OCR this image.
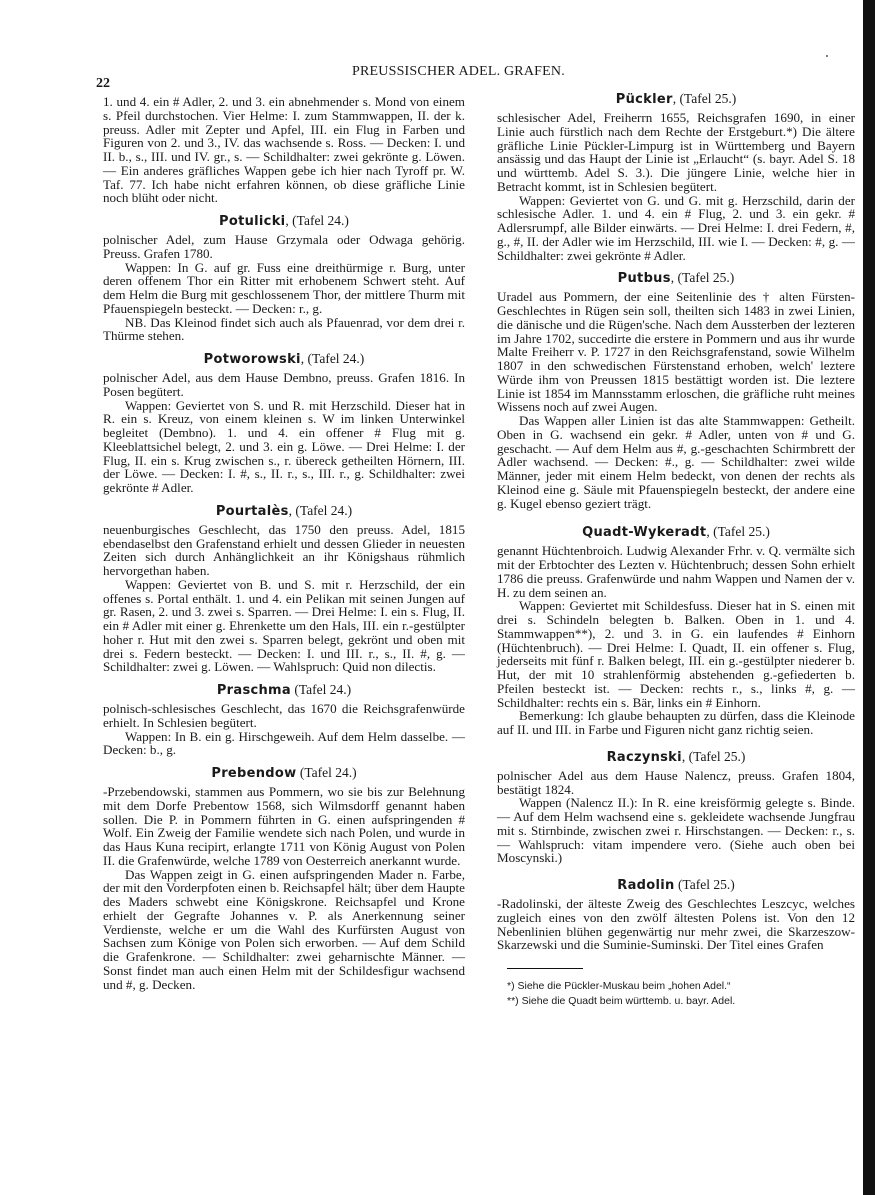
22
PREUSSISCHER ADEL. GRAFEN.

1. und 4. ein # Adler, 2. und 3. ein abnehmender s. Mond von einem s. Pfeil durchstochen. Vier Helme: I. zum Stammwappen, II. der k. preuss. Adler mit Zepter und Apfel, III. ein Flug in Farben und Figuren von 2. und 3., IV. das wachsende s. Ross. — Decken: I. und II. b., s., III. und IV. gr., s. — Schildhalter: zwei gekrönte g. Löwen. — Ein anderes gräfliches Wappen gebe ich hier nach Tyroff pr. W. Taf. 77. Ich habe nicht erfahren können, ob diese gräfliche Linie noch blüht oder nicht.

Potulicki, (Tafel 24.)

polnischer Adel, zum Hause Grzymala oder Odwaga gehörig. Preuss. Grafen 1780.

Wappen: In G. auf gr. Fuss eine dreithürmige r. Burg, unter deren offenem Thor ein Ritter mit erhobenem Schwert steht. Auf dem Helm die Burg mit geschlossenem Thor, der mittlere Thurm mit Pfauenspiegeln besteckt. — Decken: r., g.

NB. Das Kleinod findet sich auch als Pfauenrad, vor dem drei r. Thürme stehen.

Potworowski, (Tafel 24.)

polnischer Adel, aus dem Hause Dembno, preuss. Grafen 1816. In Posen begütert.

Wappen: Geviertet von S. und R. mit Herzschild. Dieser hat in R. ein s. Kreuz, von einem kleinen s. W im linken Unterwinkel begleitet (Dembno). 1. und 4. ein offener # Flug mit g. Kleeblattsichel belegt, 2. und 3. ein g. Löwe. — Drei Helme: I. der Flug, II. ein s. Krug zwischen s., r. übereck getheilten Hörnern, III. der Löwe. — Decken: I. #, s., II. r., s., III. r., g. Schildhalter: zwei gekrönte # Adler.

Pourtalès, (Tafel 24.)

neuenburgisches Geschlecht, das 1750 den preuss. Adel, 1815 ebendaselbst den Grafenstand erhielt und dessen Glieder in neuesten Zeiten sich durch Anhänglichkeit an ihr Königshaus rühmlich hervorgethan haben.

Wappen: Geviertet von B. und S. mit r. Herzschild, der ein offenes s. Portal enthält. 1. und 4. ein Pelikan mit seinen Jungen auf gr. Rasen, 2. und 3. zwei s. Sparren. — Drei Helme: I. ein s. Flug, II. ein # Adler mit einer g. Ehrenkette um den Hals, III. ein r.-gestülpter hoher r. Hut mit den zwei s. Sparren belegt, gekrönt und oben mit drei s. Federn besteckt. — Decken: I. und III. r., s., II. #, g. — Schildhalter: zwei g. Löwen. — Wahlspruch: Quid non dilectis.

Praschma (Tafel 24.)

polnisch-schlesisches Geschlecht, das 1670 die Reichsgrafenwürde erhielt. In Schlesien begütert.

Wappen: In B. ein g. Hirschgeweih. Auf dem Helm dasselbe. — Decken: b., g.

Prebendow (Tafel 24.)

-Przebendowski, stammen aus Pommern, wo sie bis zur Belehnung mit dem Dorfe Prebentow 1568, sich Wilmsdorff genannt haben sollen. Die P. in Pommern führten in G. einen aufspringenden # Wolf. Ein Zweig der Familie wendete sich nach Polen, und wurde in das Haus Kuna recipirt, erlangte 1711 von König August von Polen II. die Grafenwürde, welche 1789 von Oesterreich anerkannt wurde.

Das Wappen zeigt in G. einen aufspringenden Mader n. Farbe, der mit den Vorderpfoten einen b. Reichsapfel hält; über dem Haupte des Maders schwebt eine Königskrone. Reichsapfel und Krone erhielt der Gegrafte Johannes v. P. als Anerkennung seiner Verdienste, welche er um die Wahl des Kurfürsten August von Sachsen zum Könige von Polen sich erworben. — Auf dem Schild die Grafenkrone. — Schildhalter: zwei geharnischte Männer. — Sonst findet man auch einen Helm mit der Schildesfigur wachsend und #, g. Decken.

Pückler, (Tafel 25.)

schlesischer Adel, Freiherrn 1655, Reichsgrafen 1690, in einer Linie auch fürstlich nach dem Rechte der Erstgeburt.*) Die ältere gräfliche Linie Pückler-Limpurg ist in Württemberg und Bayern ansässig und das Haupt der Linie ist „Erlaucht“ (s. bayr. Adel S. 18 und württemb. Adel S. 3.). Die jüngere Linie, welche hier in Betracht kommt, ist in Schlesien begütert.

Wappen: Geviertet von G. und G. mit g. Herzschild, darin der schlesische Adler. 1. und 4. ein # Flug, 2. und 3. ein gekr. # Adlersrumpf, alle Bilder einwärts. — Drei Helme: I. drei Federn, #, g., #, II. der Adler wie im Herzschild, III. wie I. — Decken: #, g. — Schildhalter: zwei gekrönte # Adler.

Putbus, (Tafel 25.)

Uradel aus Pommern, der eine Seitenlinie des † alten Fürsten-Geschlechtes in Rügen sein soll, theilten sich 1483 in zwei Linien, die dänische und die Rügen'sche. Nach dem Aussterben der lezteren im Jahre 1702, succedirte die erstere in Pommern und aus ihr wurde Malte Freiherr v. P. 1727 in den Reichsgrafenstand, sowie Wilhelm 1807 in den schwedischen Fürstenstand erhoben, welch' leztere Würde ihm von Preussen 1815 bestättigt worden ist. Die leztere Linie ist 1854 im Mannsstamm erloschen, die gräfliche ruht meines Wissens noch auf zwei Augen.

Das Wappen aller Linien ist das alte Stammwappen: Getheilt. Oben in G. wachsend ein gekr. # Adler, unten von # und G. geschacht. — Auf dem Helm aus #, g.-geschachten Schirmbrett der Adler wachsend. — Decken: #., g. — Schildhalter: zwei wilde Männer, jeder mit einem Helm bedeckt, von denen der rechts als Kleinod eine g. Säule mit Pfauenspiegeln besteckt, der andere eine g. Kugel ebenso geziert trägt.

Quadt-Wykeradt, (Tafel 25.)

genannt Hüchtenbroich. Ludwig Alexander Frhr. v. Q. vermälte sich mit der Erbtochter des Lezten v. Hüchtenbruch; dessen Sohn erhielt 1786 die preuss. Grafenwürde und nahm Wappen und Namen der v. H. zu dem seinen an.

Wappen: Geviertet mit Schildesfuss. Dieser hat in S. einen mit drei s. Schindeln belegten b. Balken. Oben in 1. und 4. Stammwappen**), 2. und 3. in G. ein laufendes # Einhorn (Hüchtenbruch). — Drei Helme: I. Quadt, II. ein offener s. Flug, jederseits mit fünf r. Balken belegt, III. ein g.-gestülpter niederer b. Hut, der mit 10 strahlenförmig abstehenden g.-gefiederten b. Pfeilen besteckt ist. — Decken: rechts r., s., links #, g. — Schildhalter: rechts ein s. Bär, links ein # Einhorn.

Bemerkung: Ich glaube behaupten zu dürfen, dass die Kleinode auf II. und III. in Farbe und Figuren nicht ganz richtig seien.

Raczynski, (Tafel 25.)

polnischer Adel aus dem Hause Nalencz, preuss. Grafen 1804, bestätigt 1824.

Wappen (Nalencz II.): In R. eine kreisförmig gelegte s. Binde. — Auf dem Helm wachsend eine s. gekleidete wachsende Jungfrau mit s. Stirnbinde, zwischen zwei r. Hirschstangen. — Decken: r., s. — Wahlspruch: vitam impendere vero. (Siehe auch oben bei Moscynski.)

Radolin (Tafel 25.)

-Radolinski, der älteste Zweig des Geschlechtes Leszcyc, welches zugleich eines von den zwölf ältesten Polens ist. Von den 12 Nebenlinien blühen gegenwärtig nur mehr zwei, die Skarzeszow-Skarzewski und die Suminie-Suminski. Der Titel eines Grafen

*) Siehe die Pückler-Muskau beim „hohen Adel.“
**) Siehe die Quadt beim württemb. u. bayr. Adel.
